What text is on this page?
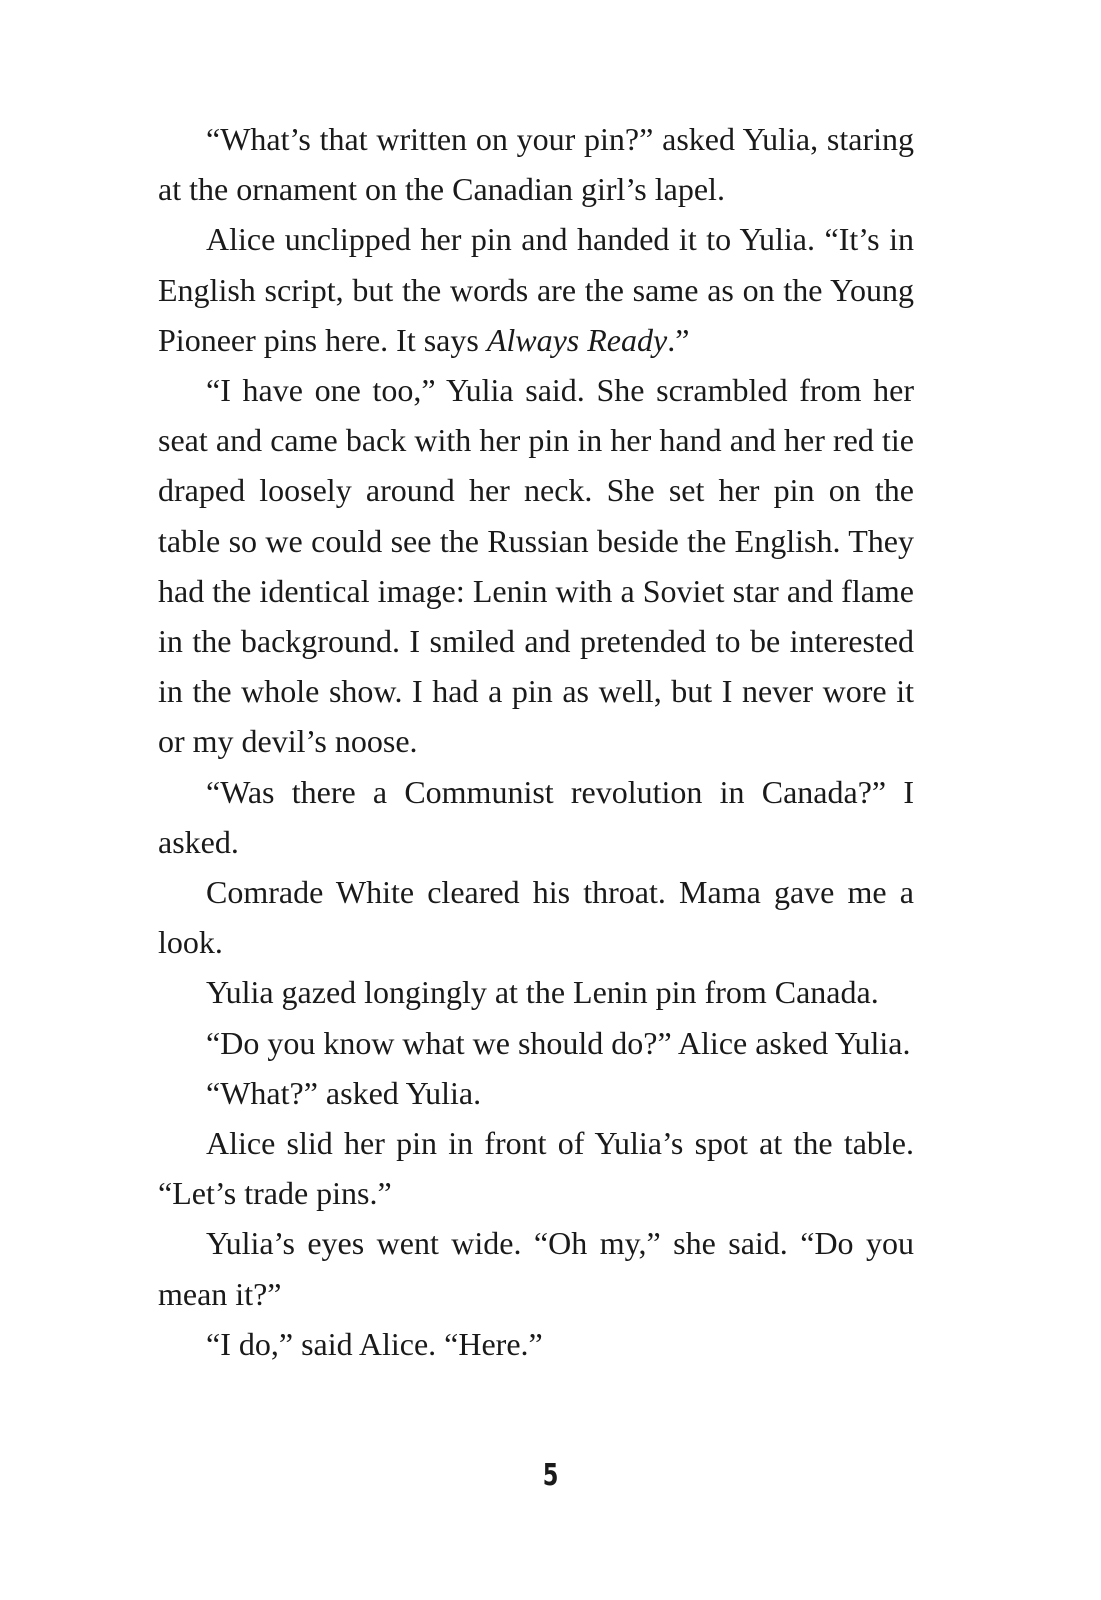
“What’s that written on your pin?” asked Yulia, staring at the ornament on the Canadian girl’s lapel.

Alice unclipped her pin and handed it to Yulia. “It’s in English script, but the words are the same as on the Young Pioneer pins here. It says Always Ready.”

“I have one too,” Yulia said. She scrambled from her seat and came back with her pin in her hand and her red tie draped loosely around her neck. She set her pin on the table so we could see the Russian beside the English. They had the identical image: Lenin with a Soviet star and flame in the background. I smiled and pretended to be interested in the whole show. I had a pin as well, but I never wore it or my devil’s noose.

“Was there a Communist revolution in Canada?” I asked.

Comrade White cleared his throat. Mama gave me a look.

Yulia gazed longingly at the Lenin pin from Canada.

“Do you know what we should do?” Alice asked Yulia.

“What?” asked Yulia.

Alice slid her pin in front of Yulia’s spot at the table. “Let’s trade pins.”

Yulia’s eyes went wide. “Oh my,” she said. “Do you mean it?”

“I do,” said Alice. “Here.”

5
